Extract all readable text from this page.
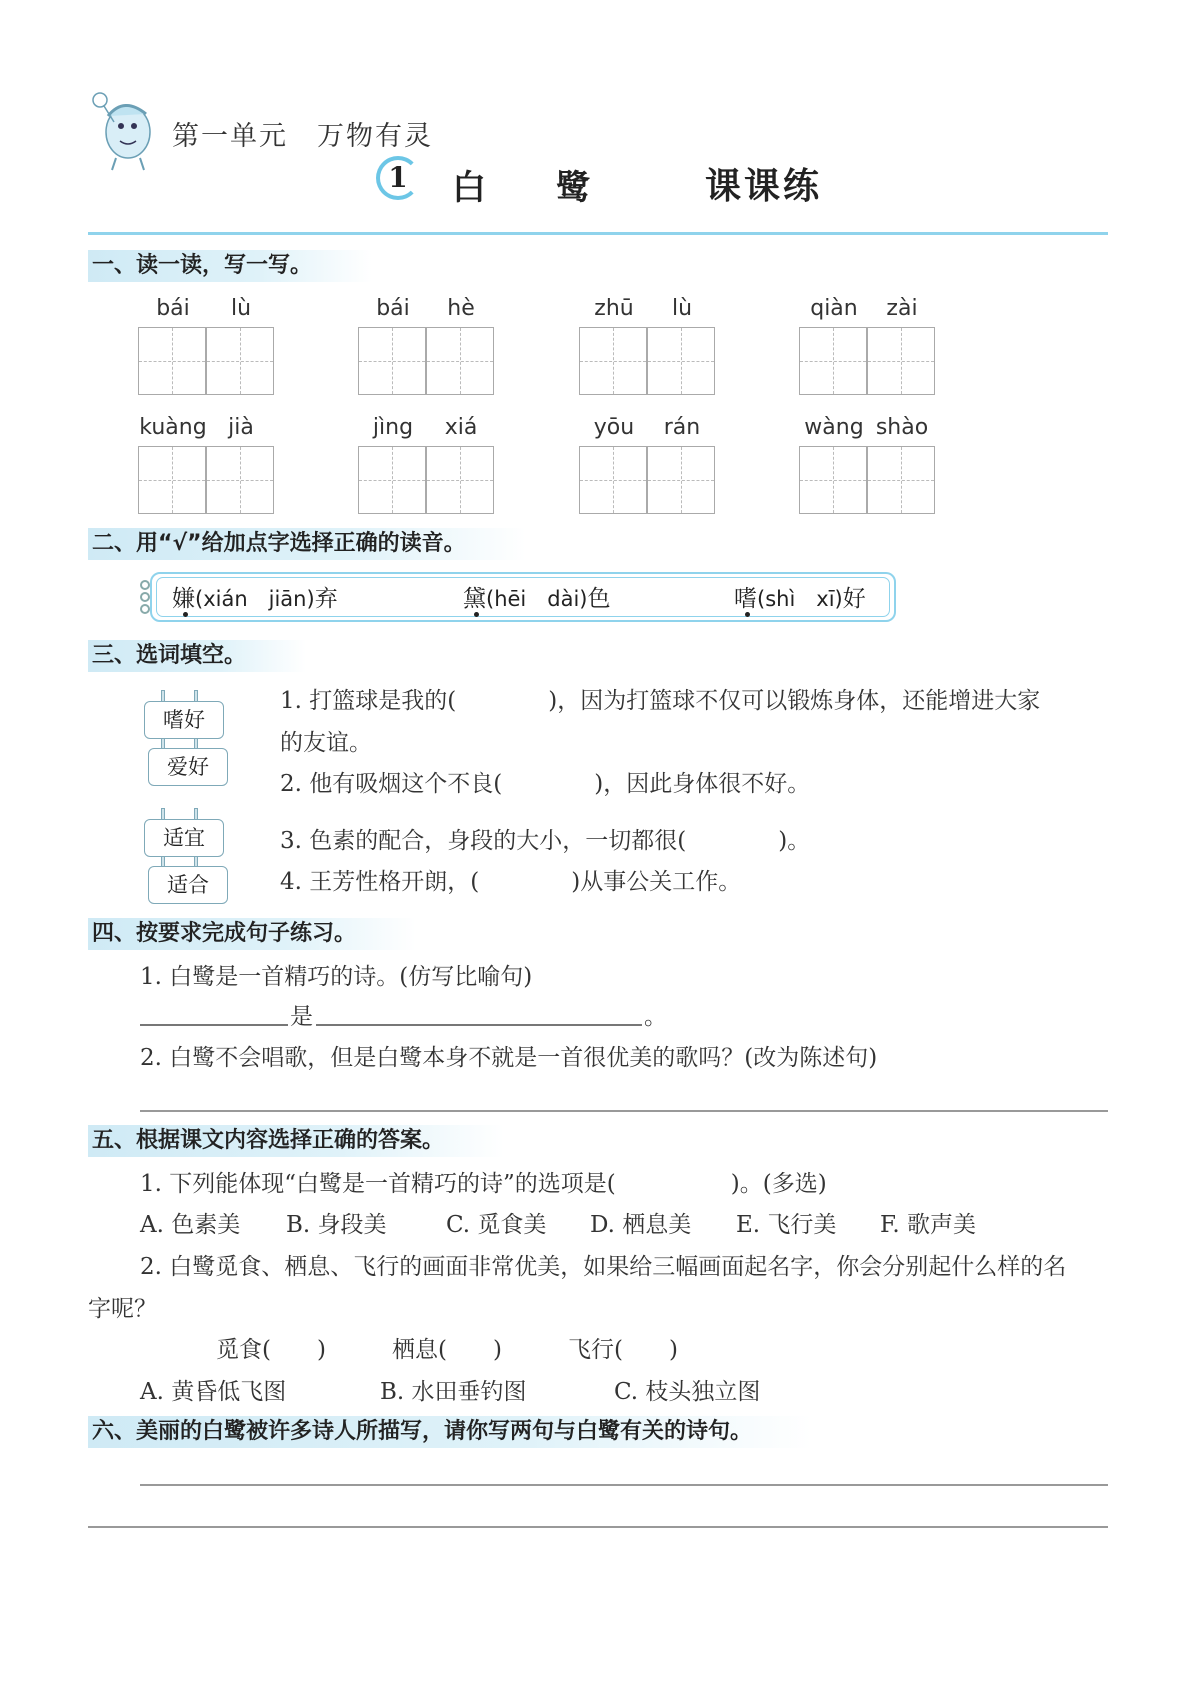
第一单元　万物有灵
1	白 鹭	课课练
一、读一读，写一写。
bái	lù	bái	hè	zhū	lù	qiàn	zài
kuàng jià	jìng	xiá	yōu	rán	wàng shào
二、用“√”给加点字选择正确的读音。
嫌(xián　jiān)弃	黛(hēi　dài)色	嗜(shì　xī)好
三、选词填空。
嗜好
爱好
适宜
适合
1. 打篮球是我的(　　　　)，因为打篮球不仅可以锻炼身体，还能增进大家
的友谊。
2. 他有吸烟这个不良(　　　　)，因此身体很不好。
3. 色素的配合，身段的大小，一切都很(　　　　)。
4. 王芳性格开朗，(　　　　)从事公关工作。
四、按要求完成句子练习。
1. 白鹭是一首精巧的诗。(仿写比喻句)
是	。
2. 白鹭不会唱歌，但是白鹭本身不就是一首很优美的歌吗？(改为陈述句)
五、根据课文内容选择正确的答案。
1. 下列能体现“白鹭是一首精巧的诗”的选项是(　　　　　)。(多选)
A. 色素美 B. 身段美	C. 觅食美 D. 栖息美 E. 飞行美 F. 歌声美
2. 白鹭觅食、栖息、飞行的画面非常优美，如果给三幅画面起名字，你会分别起什么样的名
字呢？
觅食(　　)	栖息(　　)	飞行(　　)
A. 黄昏低飞图	B. 水田垂钓图	C. 枝头独立图
六、美丽的白鹭被许多诗人所描写，请你写两句与白鹭有关的诗句。
